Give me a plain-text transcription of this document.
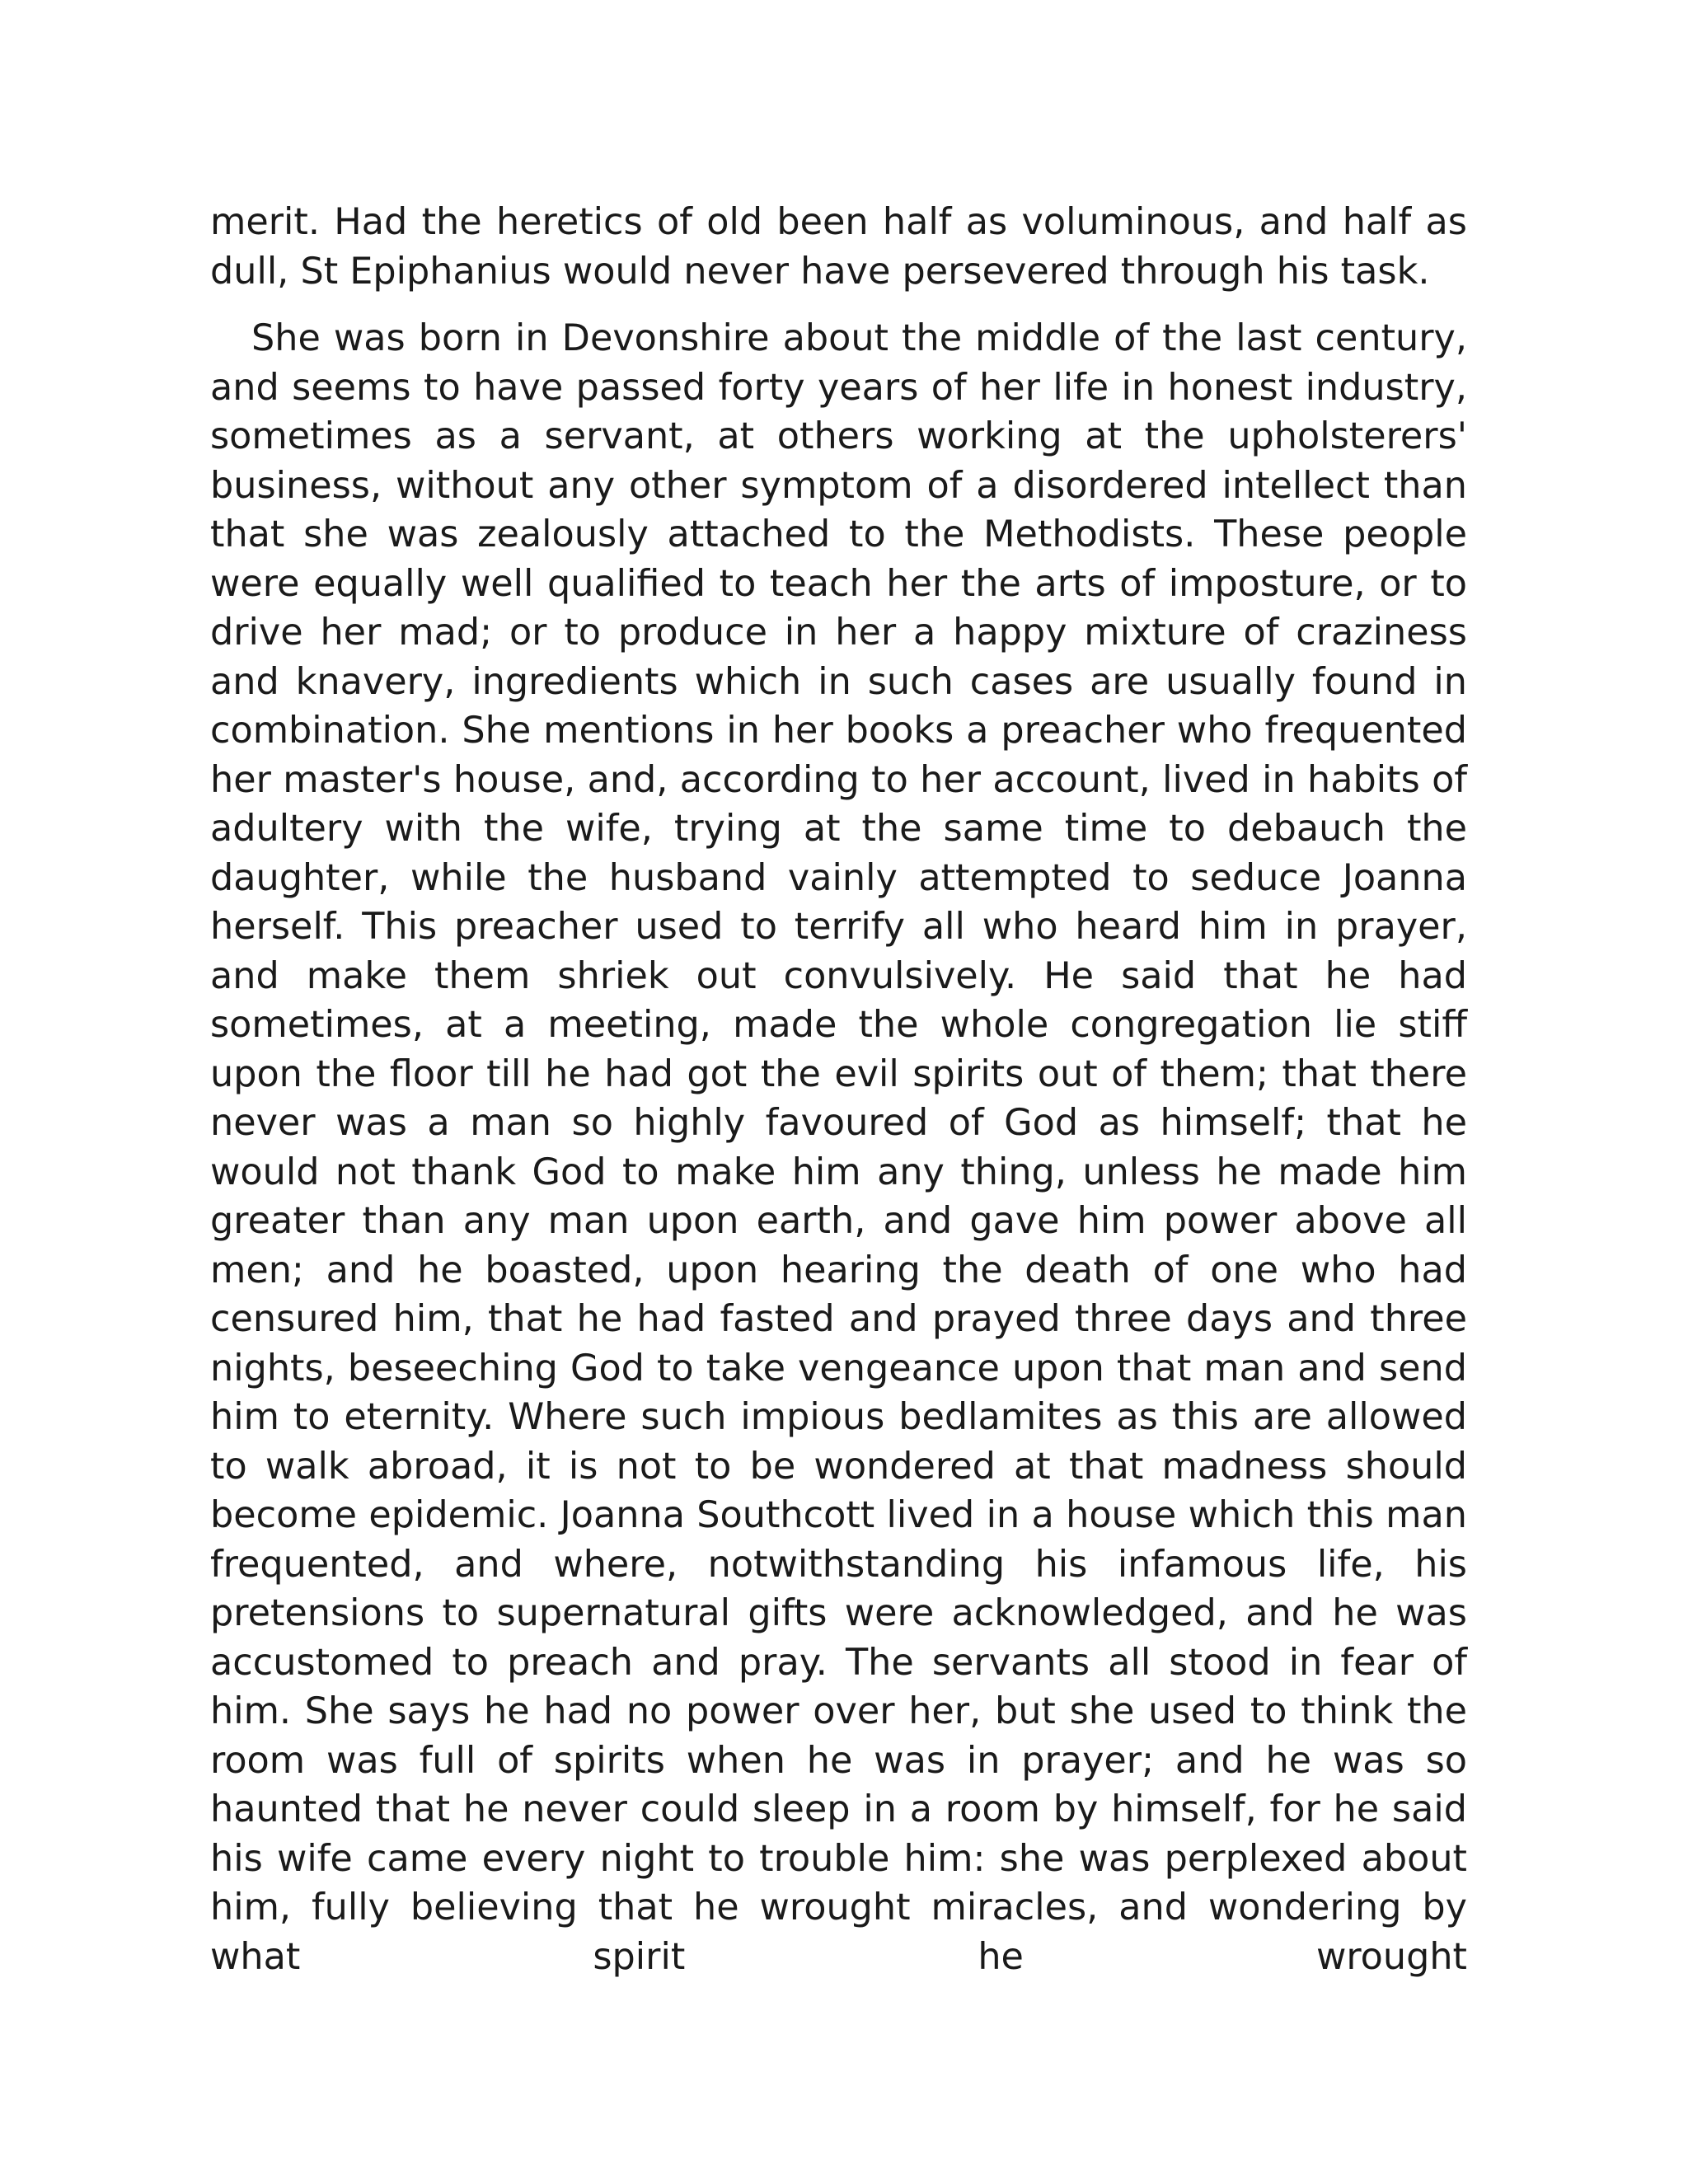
merit. Had the heretics of old been half as voluminous, and half as dull, St Epiphanius would never have persevered through his task.

She was born in Devonshire about the middle of the last century, and seems to have passed forty years of her life in honest industry, sometimes as a servant, at others working at the upholsterers' business, without any other symptom of a disordered intellect than that she was zealously attached to the Methodists. These people were equally well qualified to teach her the arts of imposture, or to drive her mad; or to produce in her a happy mixture of craziness and knavery, ingredients which in such cases are usually found in combination. She mentions in her books a preacher who frequented her master's house, and, according to her account, lived in habits of adultery with the wife, trying at the same time to debauch the daughter, while the husband vainly attempted to seduce Joanna herself. This preacher used to terrify all who heard him in prayer, and make them shriek out convulsively. He said that he had sometimes, at a meeting, made the whole congregation lie stiff upon the floor till he had got the evil spirits out of them; that there never was a man so highly favoured of God as himself; that he would not thank God to make him any thing, unless he made him greater than any man upon earth, and gave him power above all men; and he boasted, upon hearing the death of one who had censured him, that he had fasted and prayed three days and three nights, beseeching God to take vengeance upon that man and send him to eternity. Where such impious bedlamites as this are allowed to walk abroad, it is not to be wondered at that madness should become epidemic. Joanna Southcott lived in a house which this man frequented, and where, notwithstanding his infamous life, his pretensions to supernatural gifts were acknowledged, and he was accustomed to preach and pray. The servants all stood in fear of him. She says he had no power over her, but she used to think the room was full of spirits when he was in prayer; and he was so haunted that he never could sleep in a room by himself, for he said his wife came every night to trouble him: she was perplexed about him, fully believing that he wrought miracles, and wondering by what spirit he wrought
